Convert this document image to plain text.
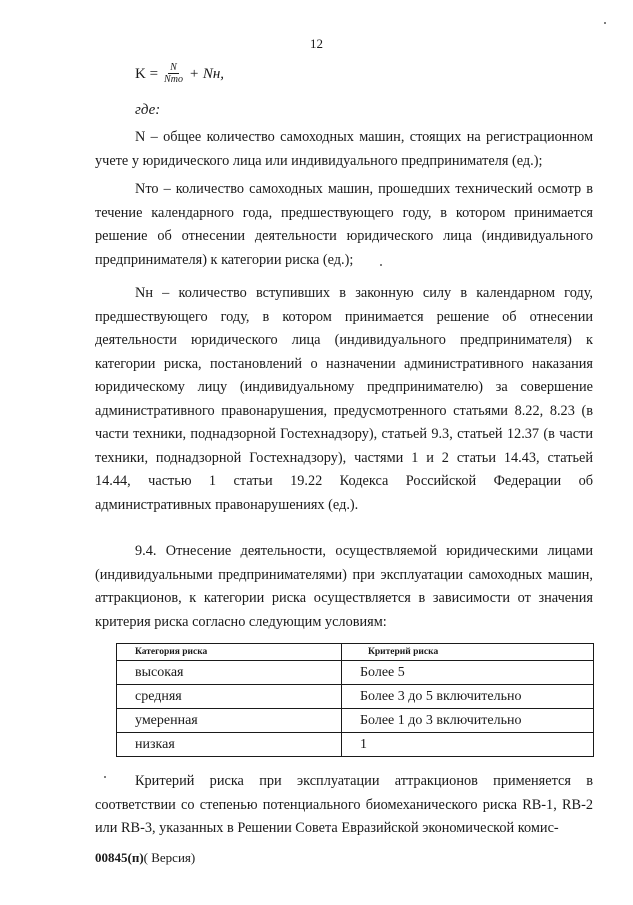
12
$K = \frac{N}{\text{Nто}}$ + Nн,
где:

N – общее количество самоходных машин, стоящих на регистрационном учете у юридического лица или индивидуального предпринимателя (ед.);

Nто – количество самоходных машин, прошедших технический осмотр в течение календарного года, предшествующего году, в котором принимается решение об отнесении деятельности юридического лица (индивидуального предпринимателя) к категории риска (ед.);

Nн – количество вступивших в законную силу в календарном году, предшествующего году, в котором принимается решение об отнесении деятельности юридического лица (индивидуального предпринимателя) к категории риска, постановлений о назначении административного наказания юридическому лицу (индивидуальному предпринимателю) за совершение административного правонарушения, предусмотренного статьями 8.22, 8.23 (в части техники, поднадзорной Гостехнадзору), статьей 9.3, статьей 12.37 (в части техники, поднадзорной Гостехнадзору), частями 1 и 2 статьи 14.43, статьей 14.44, частью 1 статьи 19.22 Кодекса Российской Федерации об административных правонарушениях (ед.).

9.4. Отнесение деятельности, осуществляемой юридическими лицами (индивидуальными предпринимателями) при эксплуатации самоходных машин, аттракционов, к категории риска осуществляется в зависимости от значения критерия риска согласно следующим условиям:

Категория риска	Критерий риска
высокая	Более 5
средняя	Более 3 до 5 включительно
умеренная	Более 1 до 3 включительно
низкая	1

Критерий риска при эксплуатации аттракционов применяется в соответствии со степенью потенциального биомеханического риска RB-1, RB-2 или RB-3, указанных в Решении Совета Евразийской экономической комис-

00845(п)( Версия)
